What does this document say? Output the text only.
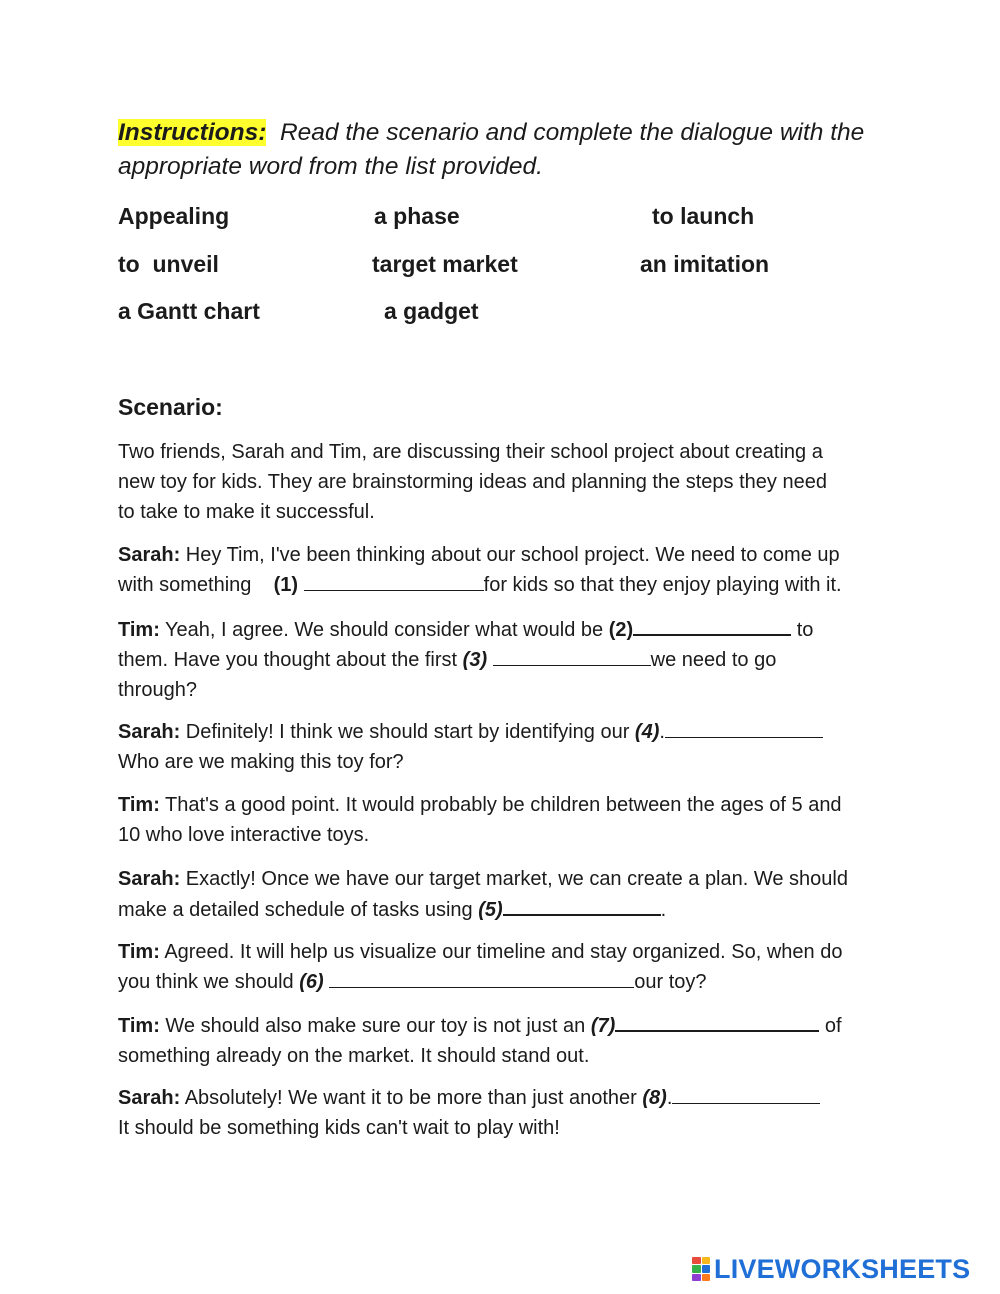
Instructions:  Read the scenario and complete the dialogue with the
appropriate word from the list provided.
Appealing	a phase	to launch
to  unveil	target market	an imitation
a Gantt chart	a gadget
Scenario:
Two friends, Sarah and Tim, are discussing their school project about creating a
new toy for kids. They are brainstorming ideas and planning the steps they need
to take to make it successful.
Sarah: Hey Tim, I've been thinking about our school project. We need to come up
with something    (1)	for kids so that they enjoy playing with it.
Tim: Yeah, I agree. We should consider what would be (2)	to
them. Have you thought about the first (3)	we need to go
through?
Sarah: Definitely! I think we should start by identifying our (4).
Who are we making this toy for?
Tim: That's a good point. It would probably be children between the ages of 5 and
10 who love interactive toys.
Sarah: Exactly! Once we have our target market, we can create a plan. We should
make a detailed schedule of tasks using (5)	.
Tim: Agreed. It will help us visualize our timeline and stay organized. So, when do
you think we should (6)	our toy?
Tim: We should also make sure our toy is not just an (7)	of
something already on the market. It should stand out.
Sarah: Absolutely! We want it to be more than just another (8).
It should be something kids can't wait to play with!
LIVEWORKSHEETS
